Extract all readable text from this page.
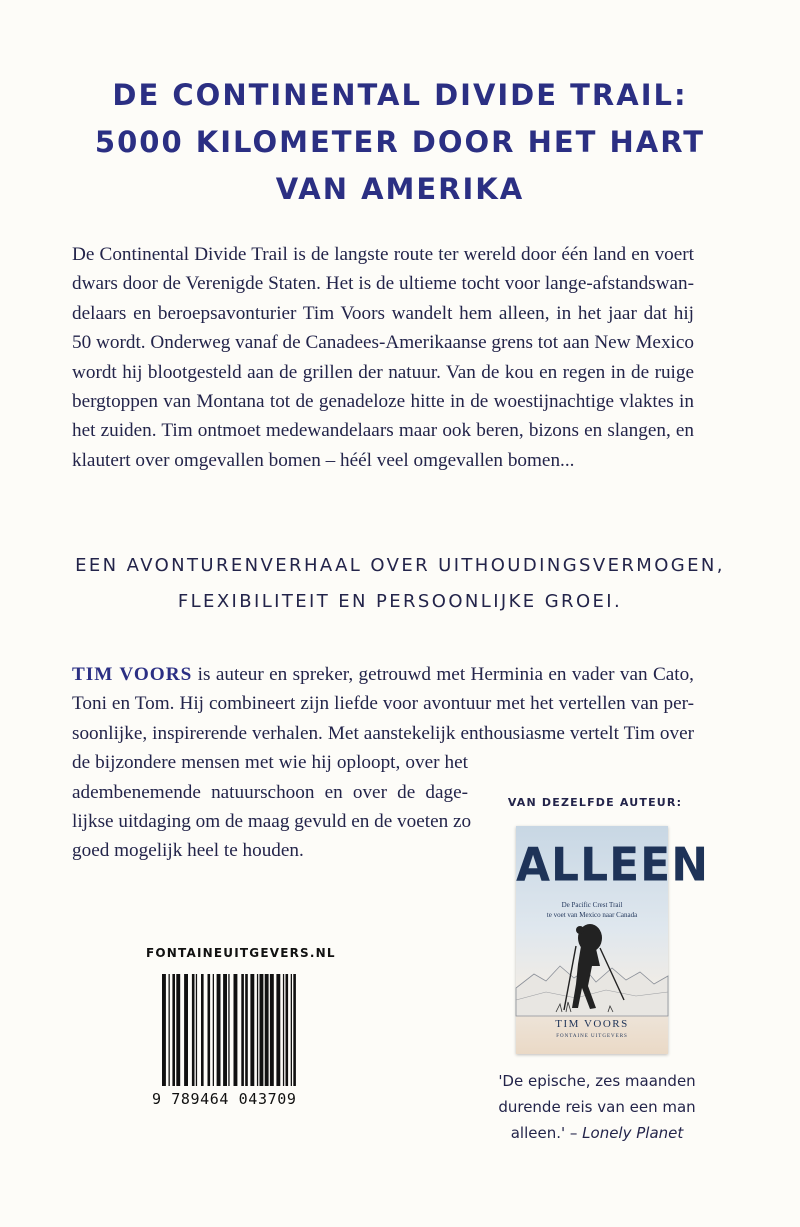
DE CONTINENTAL DIVIDE TRAIL:
5000 KILOMETER DOOR HET HART
VAN AMERIKA

De Continental Divide Trail is de langste route ter wereld door één land en voert
dwars door de Verenigde Staten. Het is de ultieme tocht voor lange-afstandswan-
delaars en beroepsavonturier Tim Voors wandelt hem alleen, in het jaar dat hij
50 wordt. Onderweg vanaf de Canadees-Amerikaanse grens tot aan New Mexico
wordt hij blootgesteld aan de grillen der natuur. Van de kou en regen in de ruige
bergtoppen van Montana tot de genadeloze hitte in de woestijnachtige vlaktes in
het zuiden. Tim ontmoet medewandelaars maar ook beren, bizons en slangen, en
klautert over omgevallen bomen – héél veel omgevallen bomen...

EEN AVONTURENVERHAAL OVER UITHOUDINGSVERMOGEN,
FLEXIBILITEIT EN PERSOONLIJKE GROEI.

TIM VOORS is auteur en spreker, getrouwd met Herminia en vader van Cato,
Toni en Tom. Hij combineert zijn liefde voor avontuur met het vertellen van per-
soonlijke, inspirerende verhalen. Met aanstekelijk enthousiasme vertelt Tim over
de bijzondere mensen met wie hij oploopt, over het
adembenemende natuurschoon en over de dage-
lijkse uitdaging om de maag gevuld en de voeten zo
goed mogelijk heel te houden.

VAN DEZELFDE AUTEUR:

ALLEEN
De Pacific Crest Trail
te voet van Mexico naar Canada
TIM VOORS
FONTAINE UITGEVERS

'De epische, zes maanden
durende reis van een man
alleen.' – Lonely Planet

FONTAINEUITGEVERS.NL

9 789464 043709
